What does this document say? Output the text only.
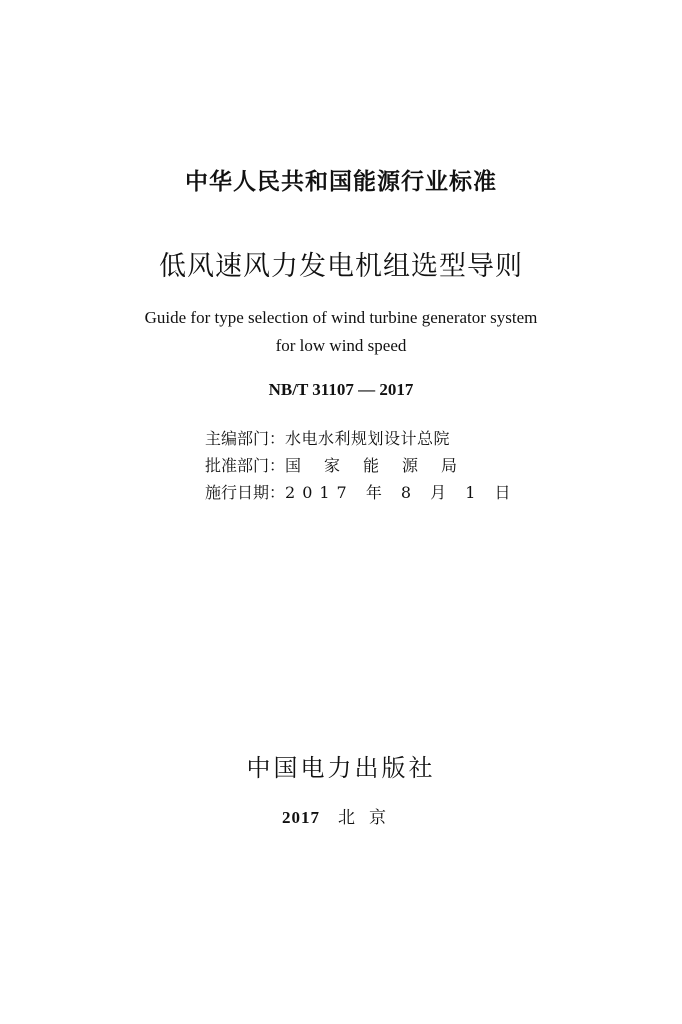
中华人民共和国能源行业标准
低风速风力发电机组选型导则
Guide for type selection of wind turbine generator system
for low wind speed
NB/T 31107 — 2017
主编部门：水电水利规划设计总院
批准部门：国家能源局
施行日期：2017 年 8 月 1 日
中国电力出版社
2017 北京
